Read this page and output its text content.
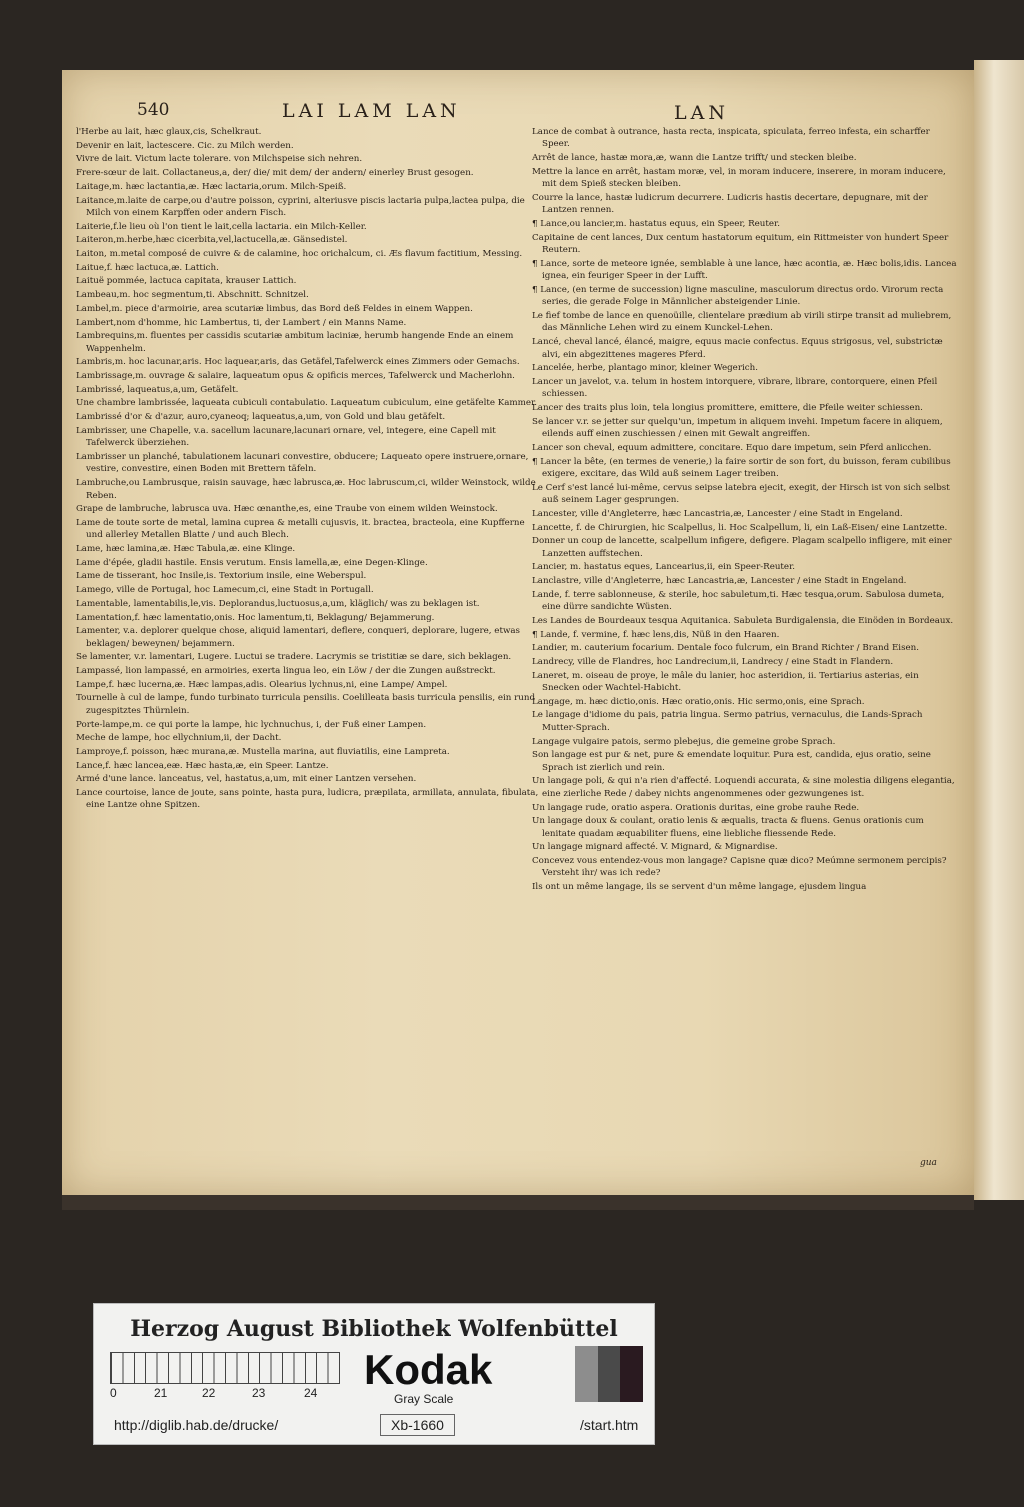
540	LAI LAM LAN	LAN
l'Herbe au lait, hæc glaux,cis, Schelkraut.
Devenir en lait, lactescere. Cic. zu Milch werden.
Vivre de lait. Victum lacte tolerare. von Milchspeise sich nehren.
Frere-sœur de lait. Collactaneus,a, der/ die/ mit dem/ der andern/ einerley Brust gesogen.
Laitage,m. hæc lactantia,æ. Hæc lactaria,orum. Milch-Speiß.
Laitance,m.laite de carpe,ou d'autre poisson, cyprini, alteriusve piscis lactaria pulpa,lactea pulpa, die Milch von einem Karpffen oder andern Fisch.
Laiterie,f.le lieu où l'on tient le lait,cella lactaria. ein Milch-Keller.
Laiteron,m.herbe,hæc cicerbita,vel,lactucella,æ. Gänsedistel.
Laiton, m.metal composé de cuivre & de calamine, hoc orichalcum, ci. Æs flavum factitium, Messing.
Laitue,f. hæc lactuca,æ. Lattich.
Laituë pommée, lactuca capitata, krauser Lattich.
Lambeau,m. hoc segmentum,ti. Abschnitt. Schnitzel.
Lambel,m. piece d'armoirie, area scutariæ limbus, das Bord deß Feldes in einem Wappen.
Lambert,nom d'homme, hic Lambertus, ti, der Lambert / ein Manns Name.
Lambrequins,m. fluentes per cassidis scutariæ ambitum laciniæ, herumb hangende Ende an einem Wappenhelm.
Lambris,m. hoc lacunar,aris. Hoc laquear,aris, das Getäfel,Tafelwerck eines Zimmers oder Gemachs.
Lambrissage,m. ouvrage & salaire, laqueatum opus & opificis merces, Tafelwerck und Macherlohn.
Lambrissé, laqueatus,a,um, Getäfelt.
Une chambre lambrissée, laqueata cubiculi contabulatio. Laqueatum cubiculum, eine getäfelte Kammer.
Lambrissé d'or & d'azur, auro,cyaneoq; laqueatus,a,um, von Gold und blau getäfelt.
Lambrisser, une Chapelle, v.a. sacellum lacunare,lacunari ornare, vel, integere, eine Capell mit Tafelwerck überziehen.
Lambrisser un planché, tabulationem lacunari convestire, obducere; Laqueato opere instruere,ornare, vestire, convestire, einen Boden mit Brettern täfeln.
Lambruche,ou Lambrusque, raisin sauvage, hæc labrusca,æ. Hoc labruscum,ci, wilder Weinstock, wilde Reben.
Grape de lambruche, labrusca uva. Hæc œnanthe,es, eine Traube von einem wilden Weinstock.
Lame de toute sorte de metal, lamina cuprea & metalli cujusvis, it. bractea, bracteola, eine Kupfferne und allerley Metallen Blatte / und auch Blech.
Lame, hæc lamina,æ. Hæc Tabula,æ. eine Klinge.
Lame d'épée, gladii hastile. Ensis verutum. Ensis lamella,æ, eine Degen-Klinge.
Lame de tisserant, hoc Insile,is. Textorium insile, eine Weberspul.
Lamego, ville de Portugal, hoc Lamecum,ci, eine Stadt in Portugall.
Lamentable, lamentabilis,le,vis. Deplorandus,luctuosus,a,um, kläglich/ was zu beklagen ist.
Lamentation,f. hæc lamentatio,onis. Hoc lamentum,ti, Beklagung/ Bejammerung.
Lamenter, v.a. deplorer quelque chose, aliquid lamentari, deflere, conqueri, deplorare, lugere, etwas beklagen/ beweynen/ bejammern.
Se lamenter, v.r. lamentari, Lugere. Luctui se tradere. Lacrymis se tristitiæ se dare, sich beklagen.
Lampassé, lion lampassé, en armoiries, exerta lingua leo, ein Löw / der die Zungen außstreckt.
Lampe,f. hæc lucerna,æ. Hæc lampas,adis. Olearius lychnus,ni, eine Lampe/ Ampel.
Tournelle à cul de lampe, fundo turbinato turricula pensilis. Coelilleata basis turricula pensilis, ein rund zugespitztes Thürnlein.
Porte-lampe,m. ce qui porte la lampe, hic lychnuchus, i, der Fuß einer Lampen.
Meche de lampe, hoc ellychnium,ii, der Dacht.
Lamproye,f. poisson, hæc murana,æ. Mustella marina, aut fluviatilis, eine Lampreta.
Lance,f. hæc lancea,eæ. Hæc hasta,æ, ein Speer. Lantze.
Armé d'une lance. lanceatus, vel, hastatus,a,um, mit einer Lantzen versehen.
Lance courtoise, lance de joute, sans pointe, hasta pura, ludicra, præpilata, armillata, annulata, fibulata, eine Lantze ohne Spitzen.
Lance de combat à outrance, hasta recta, inspicata, spiculata, ferreo infesta, ein scharffer Speer.
Arrêt de lance, hastæ mora,æ, wann die Lantze trifft/ und stecken bleibe.
Mettre la lance en arrêt, hastam moræ, vel, in moram inducere, inserere, in moram inducere, mit dem Spieß stecken bleiben.
Courre la lance, hastæ ludicrum decurrere. Ludicris hastis decertare, depugnare, mit der Lantzen rennen.
¶ Lance,ou lancier,m. hastatus equus, ein Speer, Reuter.
Capitaine de cent lances, Dux centum hastatorum equitum, ein Rittmeister von hundert Speer Reutern.
¶ Lance, sorte de meteore ignée, semblable à une lance, hæc acontia, æ. Hæc bolis,idis. Lancea ignea, ein feuriger Speer in der Lufft.
¶ Lance, (en terme de succession) ligne masculine, masculorum directus ordo. Virorum recta series, die gerade Folge in Männlicher absteigender Linie.
Le fief tombe de lance en quenoüille, clientelare prædium ab virili stirpe transit ad muliebrem, das Männliche Lehen wird zu einem Kunckel-Lehen.
Lancé, cheval lancé, élancé, maigre, equus macie confectus. Equus strigosus, vel, substrictæ alvi, ein abgezittenes mageres Pferd.
Lancelée, herbe, plantago minor, kleiner Wegerich.
Lancer un javelot, v.a. telum in hostem intorquere, vibrare, librare, contorquere, einen Pfeil schiessen.
Lancer des traits plus loin, tela longius promittere, emittere, die Pfeile weiter schiessen.
Se lancer v.r. se jetter sur quelqu'un, impetum in aliquem invehi. Impetum facere in aliquem, eilends auff einen zuschiessen / einen mit Gewalt angreiffen.
Lancer son cheval, equum admittere, concitare. Equo dare impetum, sein Pferd anlicchen.
¶ Lancer la bête, (en termes de venerie,) la faire sortir de son fort, du buisson, feram cubilibus exigere, excitare, das Wild auß seinem Lager treiben.
Le Cerf s'est lancé lui-même, cervus seipse latebra ejecit, exegit, der Hirsch ist von sich selbst auß seinem Lager gesprungen.
Lancester, ville d'Angleterre, hæc Lancastria,æ, Lancester / eine Stadt in Engeland.
Lancette, f. de Chirurgien, hic Scalpellus, li. Hoc Scalpellum, li, ein Laß-Eisen/ eine Lantzette.
Donner un coup de lancette, scalpellum infigere, defigere. Plagam scalpello infligere, mit einer Lanzetten auffstechen.
Lancier, m. hastatus eques, Lancearius,ii, ein Speer-Reuter.
Lanclastre, ville d'Angleterre, hæc Lancastria,æ, Lancester / eine Stadt in Engeland.
Lande, f. terre sablonneuse, & sterile, hoc sabuletum,ti. Hæc tesqua,orum. Sabulosa dumeta, eine dürre sandichte Wüsten.
Les Landes de Bourdeaux tesqua Aquitanica. Sabuleta Burdigalensia, die Einöden in Bordeaux.
¶ Lande, f. vermine, f. hæc lens,dis, Nüß in den Haaren.
Landier, m. cauterium focarium. Dentale foco fulcrum, ein Brand Richter / Brand Eisen.
Landrecy, ville de Flandres, hoc Landrecium,ii, Landrecy / eine Stadt in Flandern.
Laneret, m. oiseau de proye, le mâle du lanier, hoc asteridion, ii. Tertiarius asterias, ein Snecken oder Wachtel-Habicht.
Langage, m. hæc dictio,onis. Hæc oratio,onis. Hic sermo,onis, eine Sprach.
Le langage d'idiome du pais, patria lingua. Sermo patrius, vernaculus, die Lands-Sprach Mutter-Sprach.
Langage vulgaire patois, sermo plebejus, die gemeine grobe Sprach.
Son langage est pur & net, pure & emendate loquitur. Pura est, candida, ejus oratio, seine Sprach ist zierlich und rein.
Un langage poli, & qui n'a rien d'affecté. Loquendi accurata, & sine molestia diligens elegantia, eine zierliche Rede / dabey nichts angenommenes oder gezwungenes ist.
Un langage rude, oratio aspera. Orationis duritas, eine grobe rauhe Rede.
Un langage doux & coulant, oratio lenis & æqualis, tracta & fluens. Genus orationis cum lenitate quadam æquabiliter fluens, eine liebliche fliessende Rede.
Un langage mignard affecté. V. Mignard, & Mignardise.
Concevez vous entendez-vous mon langage? Capisne quæ dico? Meúmne sermonem percipis? Versteht ihr/ was ich rede?
Ils ont un même langage, ils se servent d'un même langage, ejusdem lingua
gua
Herzog August Bibliothek Wolfenbüttel
0	21	22	23	24 Kodak
Gray Scale
http://diglib.hab.de/drucke/	Xb-1660	/start.htm
